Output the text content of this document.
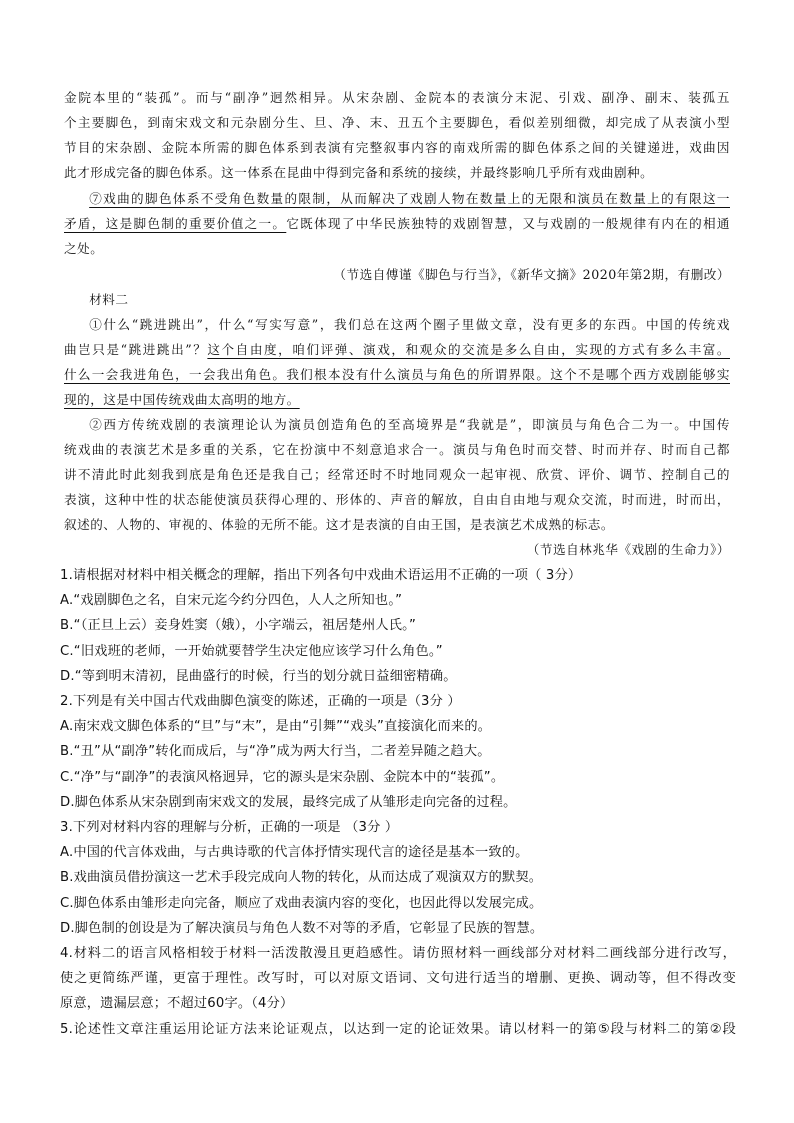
金院本里的“装孤”。而与“副净”迥然相异。从宋杂剧、金院本的表演分末泥、引戏、副净、副末、装孤五

个主要脚色，到南宋戏文和元杂剧分生、旦、净、末、丑五个主要脚色，看似差别细微，却完成了从表演小型

节目的宋杂剧、金院本所需的脚色体系到表演有完整叙事内容的南戏所需的脚色体系之间的关键递进，戏曲因

此才形成完备的脚色体系。这一体系在昆曲中得到完备和系统的接续，并最终影响几乎所有戏曲剧种。

⑦戏曲的脚色体系不受角色数量的限制，从而解决了戏剧人物在数量上的无限和演员在数量上的有限这一

矛盾，这是脚色制的重要价值之一。它既体现了中华民族独特的戏剧智慧，又与戏剧的一般规律有内在的相通

之处。

（节选自傅谨《脚色与行当》，《新华文摘》2020年第2期，有删改）
材料二

①什么“跳进跳出”，什么“写实写意”，我们总在这两个圈子里做文章，没有更多的东西。中国的传统戏

曲岂只是“跳进跳出”？这个自由度，咱们评弹、演戏，和观众的交流是多么自由，实现的方式有多么丰富。

什么一会我进角色，一会我出角色。我们根本没有什么演员与角色的所谓界限。这个不是哪个西方戏剧能够实

现的，这是中国传统戏曲太高明的地方。

②西方传统戏剧的表演理论认为演员创造角色的至高境界是“我就是”，即演员与角色合二为一。中国传

统戏曲的表演艺术是多重的关系，它在扮演中不刻意追求合一。演员与角色时而交替、时而并存、时而自己都

讲不清此时此刻我到底是角色还是我自己；经常还时不时地同观众一起审视、欣赏、评价、调节、控制自己的

表演，这种中性的状态能使演员获得心理的、形体的、声音的解放，自由自由地与观众交流，时而进，时而出，

叙述的、人物的、审视的、体验的无所不能。这才是表演的自由王国，是表演艺术成熟的标志。

（节选自林兆华《戏剧的生命力》）

1.请根据对材料中相关概念的理解，指出下列各句中戏曲术语运用不正确的一项（ 3分）

A.“戏剧脚色之名，自宋元迄今约分四色，人人之所知也。”

B.“（正旦上云）妾身姓窦（娥），小字端云，祖居楚州人氏。”

C.“旧戏班的老师，一开始就要替学生决定他应该学习什么角色。”

D.“等到明末清初，昆曲盛行的时候，行当的划分就日益细密精确。

2.下列是有关中国古代戏曲脚色演变的陈述，正确的一项是（3分 ）

A.南宋戏文脚色体系的“旦”与“末”，是由“引舞”“戏头”直接演化而来的。

B.“丑”从“副净”转化而成后，与“净”成为两大行当，二者差异随之趋大。

C.“净”与“副净”的表演风格迥异，它的源头是宋杂剧、金院本中的“装孤”。

D.脚色体系从宋杂剧到南宋戏文的发展，最终完成了从雏形走向完备的过程。

3.下列对材料内容的理解与分析，正确的一项是 （3分 ）

A.中国的代言体戏曲，与古典诗歌的代言体抒情实现代言的途径是基本一致的。

B.戏曲演员借扮演这一艺术手段完成向人物的转化，从而达成了观演双方的默契。

C.脚色体系由雏形走向完备，顺应了戏曲表演内容的变化，也因此得以发展完成。

D.脚色制的创设是为了解决演员与角色人数不对等的矛盾，它彰显了民族的智慧。

4.材料二的语言风格相较于材料一活泼散漫且更趋感性。请仿照材料一画线部分对材料二画线部分进行改写，

使之更简练严谨，更富于理性。改写时，可以对原文语词、文句进行适当的增删、更换、调动等，但不得改变

原意，遗漏层意；不超过60字。（4分）

5.论述性文章注重运用论证方法来论证观点，以达到一定的论证效果。请以材料一的第⑤段与材料二的第②段
